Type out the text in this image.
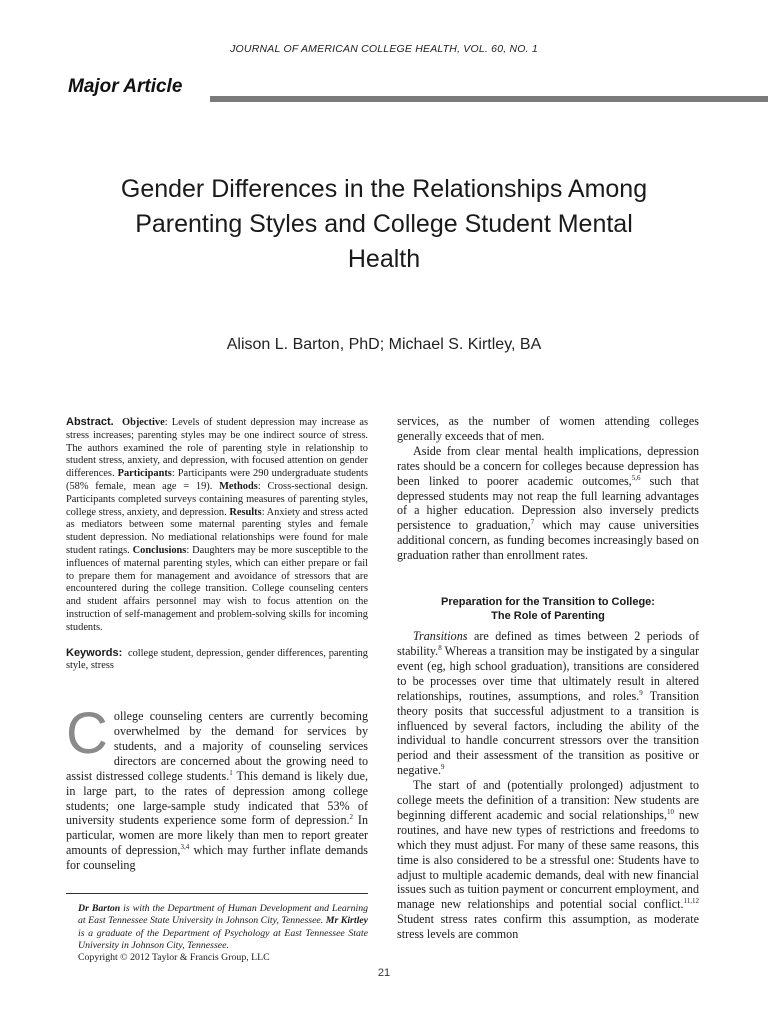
JOURNAL OF AMERICAN COLLEGE HEALTH, VOL. 60, NO. 1
Major Article
Gender Differences in the Relationships Among
Parenting Styles and College Student Mental
Health
Alison L. Barton, PhD; Michael S. Kirtley, BA

Abstract. Objective: Levels of student depression may increase as stress increases; parenting styles may be one indirect source of stress. The authors examined the role of parenting style in relationship to student stress, anxiety, and depression, with focused attention on gender differences. Participants: Participants were 290 undergraduate students (58% female, mean age = 19). Methods: Cross-sectional design. Participants completed surveys containing measures of parenting styles, college stress, anxiety, and depression. Results: Anxiety and stress acted as mediators between some maternal parenting styles and female student depression. No mediational relationships were found for male student ratings. Conclusions: Daughters may be more susceptible to the influences of maternal parenting styles, which can either prepare or fail to prepare them for management and avoidance of stressors that are encountered during the college transition. College counseling centers and student affairs personnel may wish to focus attention on the instruction of self-management and problem-solving skills for incoming students.

Keywords: college student, depression, gender differences, parenting style, stress

College counseling centers are currently becoming overwhelmed by the demand for services by students, and a majority of counseling services directors are concerned about the growing need to assist distressed college students.$^1$ This demand is likely due, in large part, to the rates of depression among college students; one large-sample study indicated that 53% of university students experience some form of depression.$^2$ In particular, women are more likely than men to report greater amounts of depression,$^{3,4}$ which may further inflate demands for counseling

Dr Barton is with the Department of Human Development and Learning at East Tennessee State University in Johnson City, Tennessee. Mr Kirtley is a graduate of the Department of Psychology at East Tennessee State University in Johnson City, Tennessee.
Copyright © 2012 Taylor & Francis Group, LLC

services, as the number of women attending colleges generally exceeds that of men.

Aside from clear mental health implications, depression rates should be a concern for colleges because depression has been linked to poorer academic outcomes,$^{5,6}$ such that depressed students may not reap the full learning advantages of a higher education. Depression also inversely predicts persistence to graduation,$^7$ which may cause universities additional concern, as funding becomes increasingly based on graduation rather than enrollment rates.

Preparation for the Transition to College:
The Role of Parenting

Transitions are defined as times between 2 periods of stability.$^8$ Whereas a transition may be instigated by a singular event (eg, high school graduation), transitions are considered to be processes over time that ultimately result in altered relationships, routines, assumptions, and roles.$^9$ Transition theory posits that successful adjustment to a transition is influenced by several factors, including the ability of the individual to handle concurrent stressors over the transition period and their assessment of the transition as positive or negative.$^9$

The start of and (potentially prolonged) adjustment to college meets the definition of a transition: New students are beginning different academic and social relationships,$^{10}$ new routines, and have new types of restrictions and freedoms to which they must adjust. For many of these same reasons, this time is also considered to be a stressful one: Students have to adjust to multiple academic demands, deal with new financial issues such as tuition payment or concurrent employment, and manage new relationships and potential social conflict.$^{11,12}$ Student stress rates confirm this assumption, as moderate stress levels are common

21
